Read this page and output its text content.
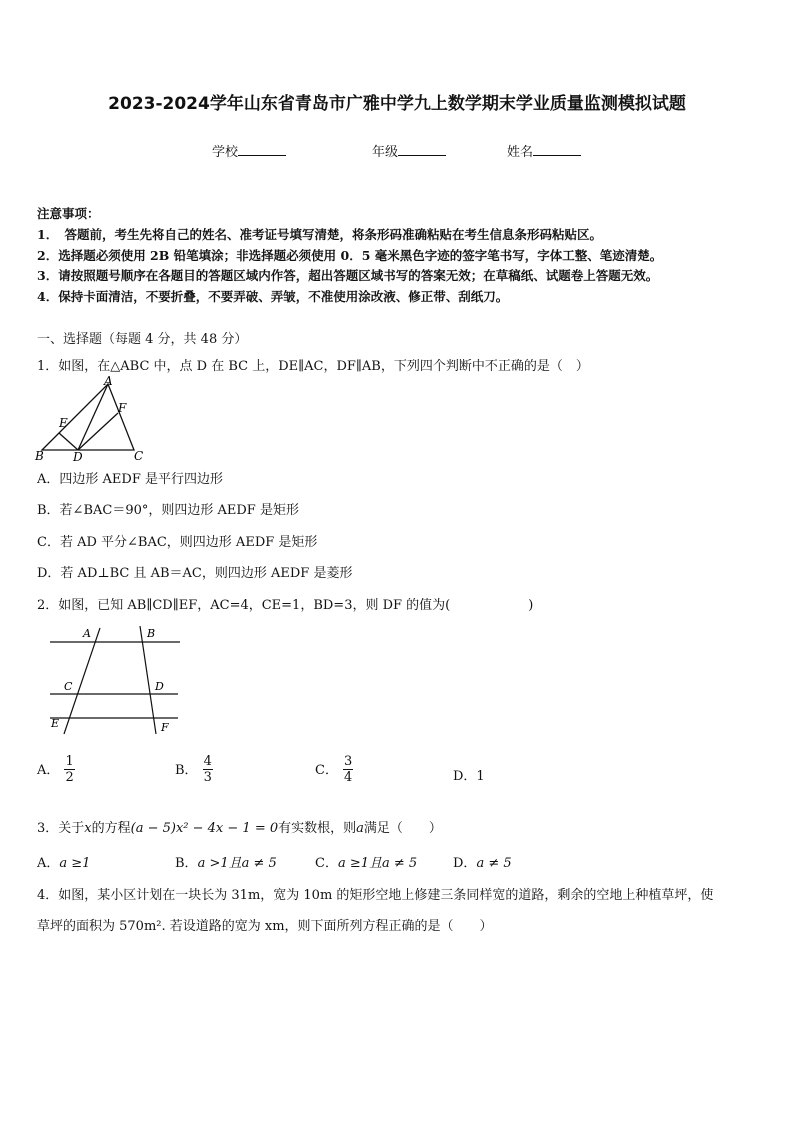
2023-2024学年山东省青岛市广雅中学九上数学期末学业质量监测模拟试题
学校	年级	姓名
注意事项：
1．　答题前，考生先将自己的姓名、准考证号填写清楚，将条形码准确粘贴在考生信息条形码粘贴区。
2．选择题必须使用 2B 铅笔填涂；非选择题必须使用 0．5 毫米黑色字迹的签字笔书写，字体工整、笔迹清楚。
3．请按照题号顺序在各题目的答题区域内作答，超出答题区域书写的答案无效；在草稿纸、试题卷上答题无效。
4．保持卡面清洁，不要折叠，不要弄破、弄皱，不准使用涂改液、修正带、刮纸刀。
一、选择题（每题 4 分，共 48 分）
1．如图，在△ABC 中，点 D 在 BC 上，DE∥AC，DF∥AB，下列四个判断中不正确的是（　）
A
B	C
D
E
F
A．四边形 AEDF 是平行四边形
B．若∠BAC＝90°，则四边形 AEDF 是矩形
C．若 AD 平分∠BAC，则四边形 AEDF 是矩形
D．若 AD⊥BC 且 AB＝AC，则四边形 AEDF 是菱形
2．如图，已知 AB∥CD∥EF，AC=4，CE=1，BD=3，则 DF 的值为(　　　　　　)
A	B
C	D
E	F
A． $\frac{1}{2}$	B． $\frac{4}{3}$	C． $\frac{3}{4}$	D．1
3．关于x的方程(a − 5)x² − 4x − 1 = 0有实数根，则a满足（　　）
A．a ≥1	B．a >1且a ≠ 5	C．a ≥1且a ≠ 5	D．a ≠ 5
4．如图，某小区计划在一块长为 31m，宽为 10m 的矩形空地上修建三条同样宽的道路，剩余的空地上种植草坪，使
草坪的面积为 570m². 若设道路的宽为 xm，则下面所列方程正确的是（　　）
